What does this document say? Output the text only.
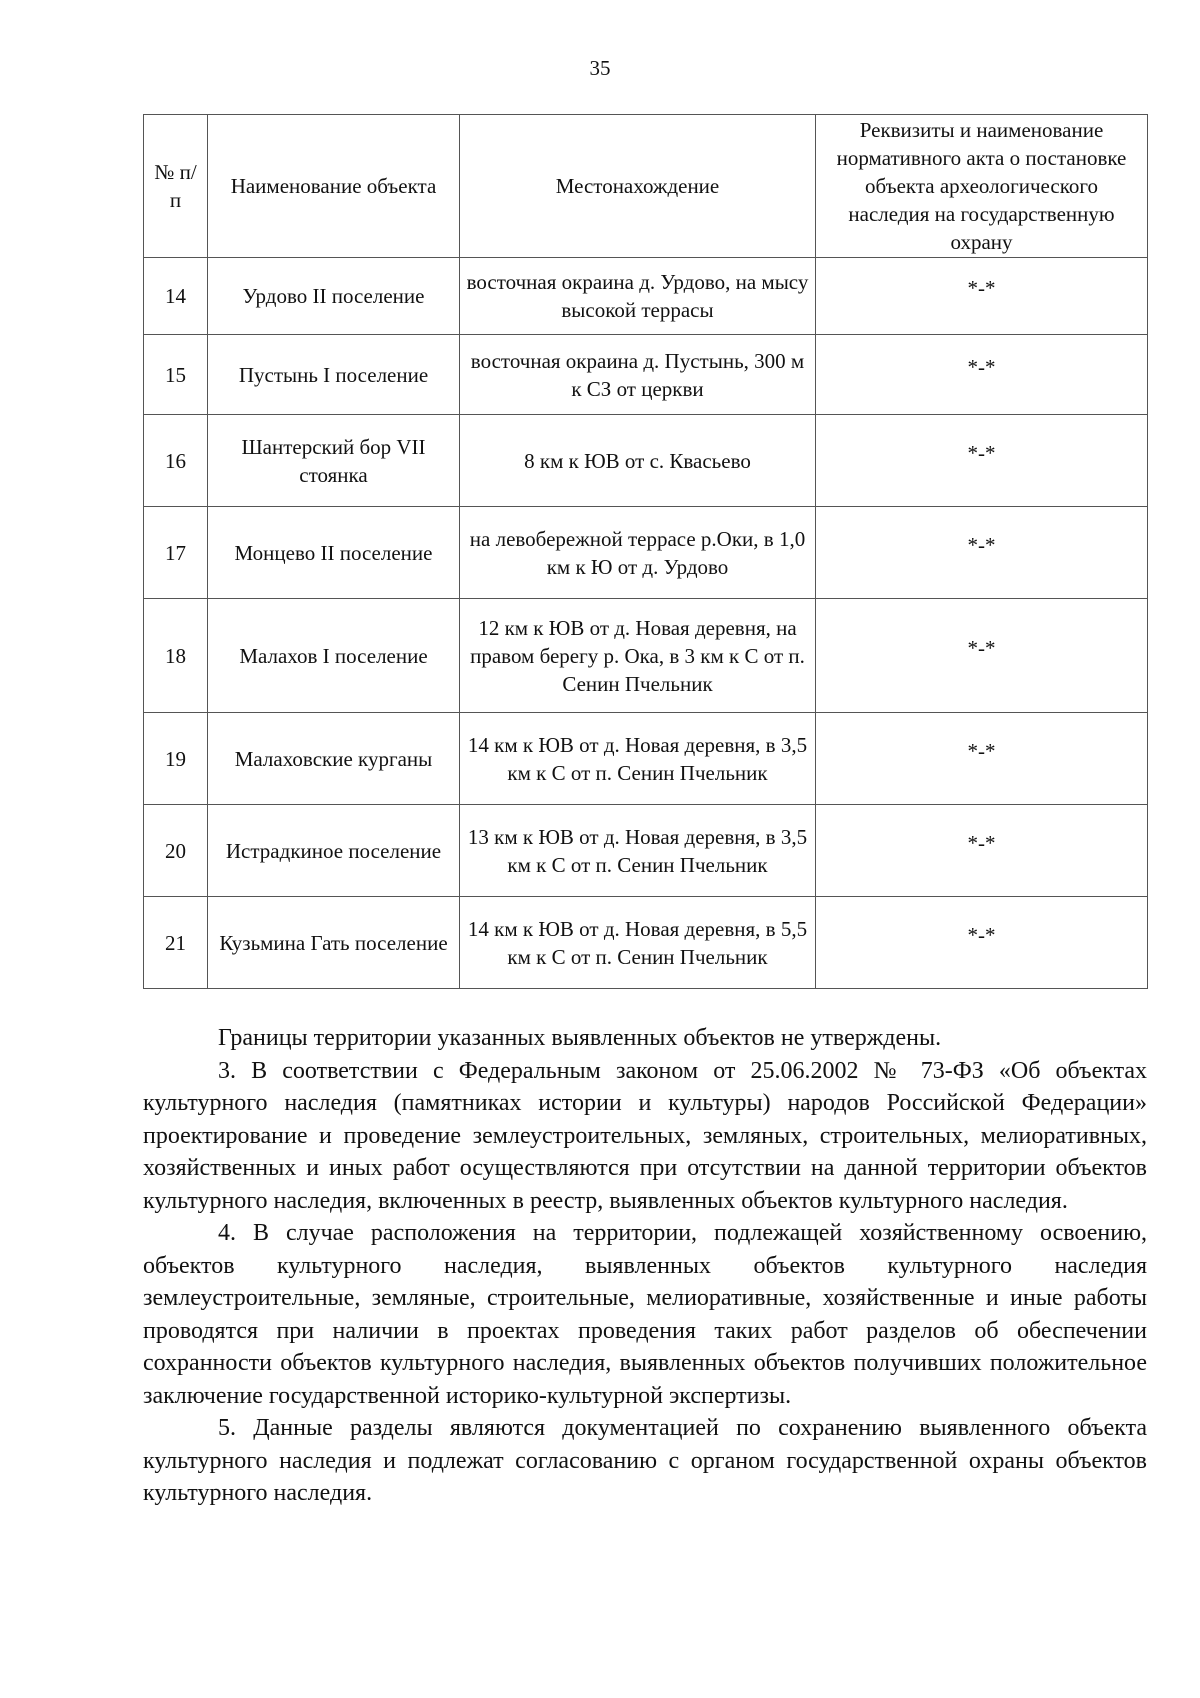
35
№ п/п	Наименование объекта	Местонахождение	Реквизиты и наименование нормативного акта о постановке объекта археологического наследия на государственную охрану
14	Урдово II поселение	восточная окраина д. Урдово, на мысу высокой террасы	*-*
15	Пустынь I поселение	восточная окраина д. Пустынь, 300 м к СЗ от церкви	*-*
16	Шантерский бор VII стоянка	8 км к ЮВ от с. Квасьево	*-*
17	Монцево II поселение	на левобережной террасе р.Оки, в 1,0 км к Ю от д. Урдово	*-*
18	Малахов I поселение	12 км к ЮВ от д. Новая деревня, на правом берегу р. Ока, в 3 км к С от п. Сенин Пчельник	*-*
19	Малаховские курганы	14 км к ЮВ от д. Новая деревня, в 3,5 км к С от п. Сенин Пчельник	*-*
20	Истрадкиное поселение	13 км к ЮВ от д. Новая деревня, в 3,5 км к С от п. Сенин Пчельник	*-*
21	Кузьмина Гать поселение	14 км к ЮВ от д. Новая деревня, в 5,5 км к С от п. Сенин Пчельник	*-*

Границы территории указанных выявленных объектов не утверждены.

3. В соответствии с Федеральным законом от 25.06.2002 № 73-ФЗ «Об объектах культурного наследия (памятниках истории и культуры) народов Российской Федерации» проектирование и проведение землеустроительных, земляных, строительных, мелиоративных, хозяйственных и иных работ осуществляются при отсутствии на данной территории объектов культурного наследия, включенных в реестр, выявленных объектов культурного наследия.

4. В случае расположения на территории, подлежащей хозяйственному освоению, объектов культурного наследия, выявленных объектов культурного наследия землеустроительные, земляные, строительные, мелиоративные, хозяйственные и иные работы проводятся при наличии в проектах проведения таких работ разделов об обеспечении сохранности объектов культурного наследия, выявленных объектов получивших положительное заключение государственной историко-культурной экспертизы.

5. Данные разделы являются документацией по сохранению выявленного объекта культурного наследия и подлежат согласованию с органом государственной охраны объектов культурного наследия.
